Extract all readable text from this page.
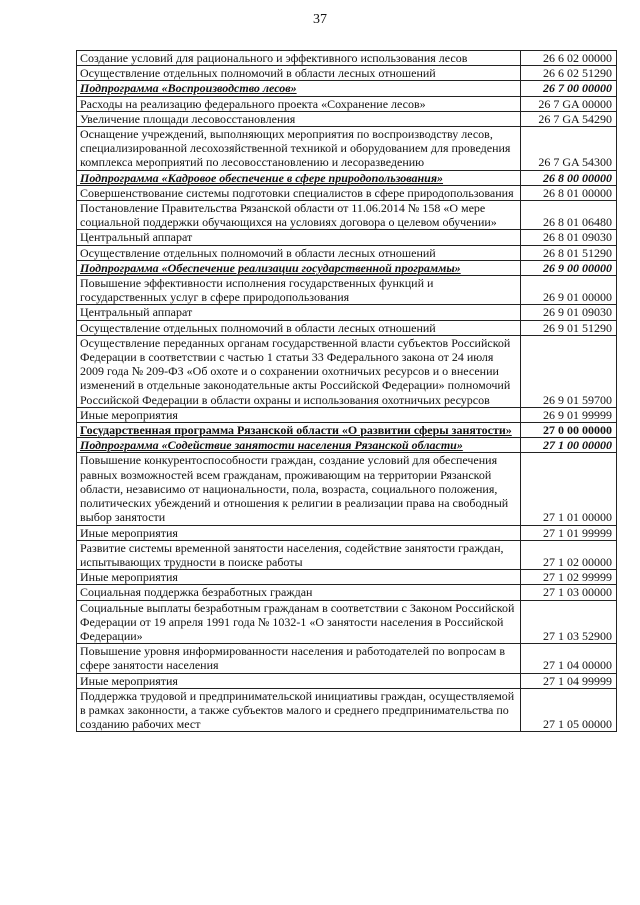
37
Создание условий для рационального и эффективного использования лесов	26 6 02 00000
Осуществление отдельных полномочий в области лесных отношений	26 6 02 51290
Подпрограмма «Воспроизводство лесов»	26 7 00 00000
Расходы на реализацию федерального проекта «Сохранение лесов»	26 7 GA 00000
Увеличение площади лесовосстановления	26 7 GA 54290
Оснащение учреждений, выполняющих мероприятия по воспроизводству лесов, специализированной лесохозяйственной техникой и оборудованием для проведения комплекса мероприятий по лесовосстановлению и лесоразведению	26 7 GA 54300
Подпрограмма «Кадровое обеспечение в сфере природопользования»	26 8 00 00000
Совершенствование системы подготовки специалистов в сфере природопользования	26 8 01 00000
Постановление Правительства Рязанской области от 11.06.2014 № 158 «О мере социальной поддержки обучающихся на условиях договора о целевом обучении»	26 8 01 06480
Центральный аппарат	26 8 01 09030
Осуществление отдельных полномочий в области лесных отношений	26 8 01 51290
Подпрограмма «Обеспечение реализации государственной программы»	26 9 00 00000
Повышение эффективности исполнения государственных функций и государственных услуг в сфере природопользования	26 9 01 00000
Центральный аппарат	26 9 01 09030
Осуществление отдельных полномочий в области лесных отношений	26 9 01 51290
Осуществление переданных органам государственной власти субъектов Российской Федерации в соответствии с частью 1 статьи 33 Федерального закона от 24 июля 2009 года № 209-ФЗ «Об охоте и о сохранении охотничьих ресурсов и о внесении изменений в отдельные законодательные акты Российской Федерации» полномочий Российской Федерации в области охраны и использования охотничьих ресурсов	26 9 01 59700
Иные мероприятия	26 9 01 99999
Государственная программа Рязанской области «О развитии сферы занятости»	27 0 00 00000
Подпрограмма «Содействие занятости населения Рязанской области»	27 1 00 00000
Повышение конкурентоспособности граждан, создание условий для обеспечения равных возможностей всем гражданам, проживающим на территории Рязанской области, независимо от национальности, пола, возраста, социального положения, политических убеждений и отношения к религии в реализации права на свободный выбор занятости	27 1 01 00000
Иные мероприятия	27 1 01 99999
Развитие системы временной занятости населения, содействие занятости граждан, испытывающих трудности в поиске работы	27 1 02 00000
Иные мероприятия	27 1 02 99999
Социальная поддержка безработных граждан	27 1 03 00000
Социальные выплаты безработным гражданам в соответствии с Законом Российской Федерации от 19 апреля 1991 года № 1032-1 «О занятости населения в Российской Федерации»	27 1 03 52900
Повышение уровня информированности населения и работодателей по вопросам в сфере занятости населения	27 1 04 00000
Иные мероприятия	27 1 04 99999
Поддержка трудовой и предпринимательской инициативы граждан, осуществляемой в рамках законности, а также субъектов малого и среднего предпринимательства по созданию рабочих мест	27 1 05 00000
